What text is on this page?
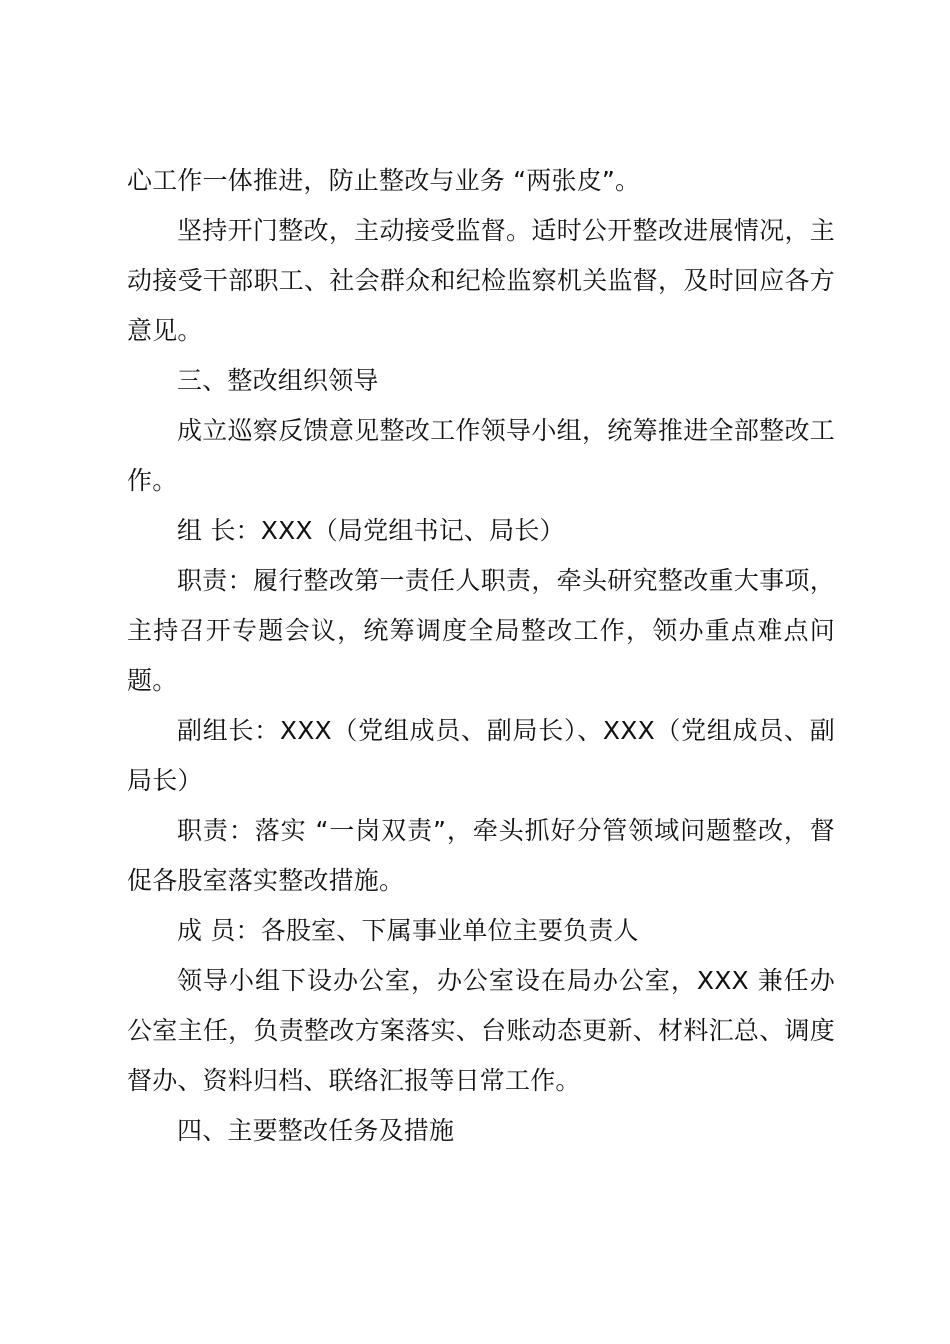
心工作一体推进，防止整改与业务 “两张皮”。

坚持开门整改，主动接受监督。适时公开整改进展情况，主动接受干部职工、社会群众和纪检监察机关监督，及时回应各方意见。

三、整改组织领导

成立巡察反馈意见整改工作领导小组，统筹推进全部整改工作。

组 长：XXX（局党组书记、局长）

职责：履行整改第一责任人职责，牵头研究整改重大事项，主持召开专题会议，统筹调度全局整改工作，领办重点难点问题。

副组长：XXX（党组成员、副局长）、XXX（党组成员、副局长）

职责：落实 “一岗双责”，牵头抓好分管领域问题整改，督促各股室落实整改措施。

成 员：各股室、下属事业单位主要负责人

领导小组下设办公室，办公室设在局办公室，XXX 兼任办公室主任，负责整改方案落实、台账动态更新、材料汇总、调度督办、资料归档、联络汇报等日常工作。

四、主要整改任务及措施
